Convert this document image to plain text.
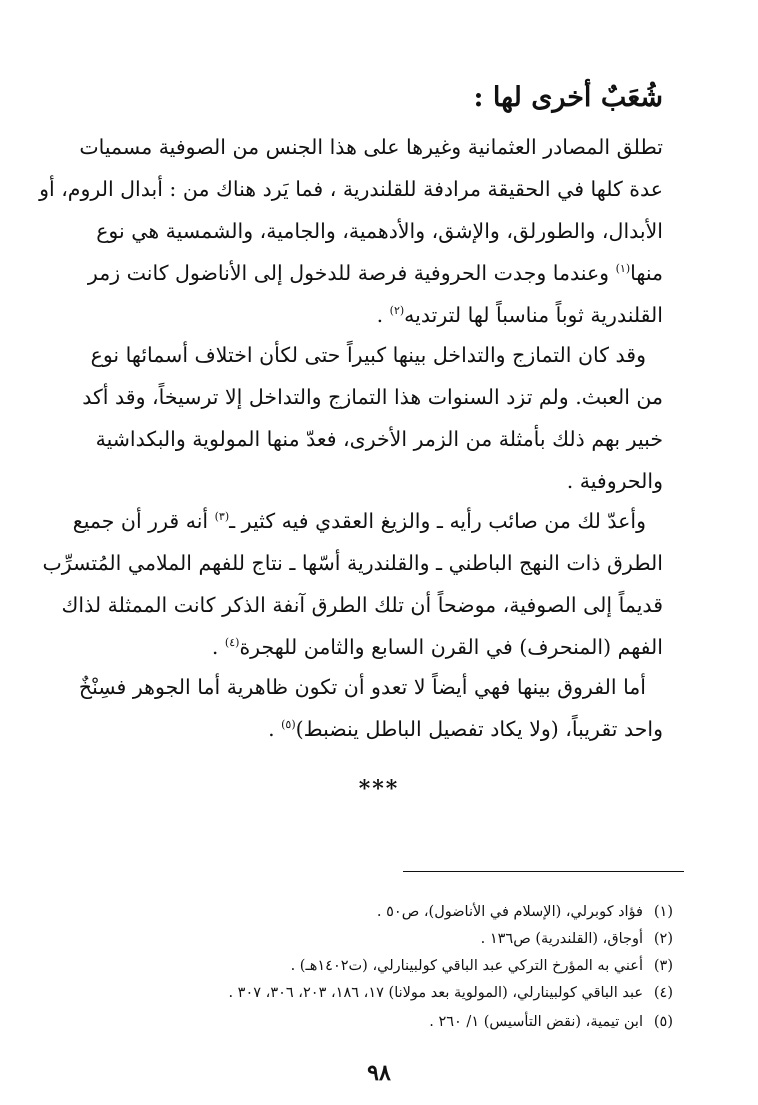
شُعَبٌ أخرى لها :
تطلق المصادر العثمانية وغيرها على هذا الجنس من الصوفية مسميات
عدة كلها في الحقيقة مرادفة للقلندرية ، فما يَرد هناك من : أبدال الروم، أو
الأبدال، والطورلق، والإشق، والأدهمية، والجامية، والشمسية هي نوع
منها$^{(١)}$ وعندما وجدت الحروفية فرصة للدخول إلى الأناضول كانت زمر
القلندرية ثوباً مناسباً لها لترتديه$^{(٢)}$ .
وقد كان التمازج والتداخل بينها كبيراً حتى لكأن اختلاف أسمائها نوع
من العبث. ولم تزد السنوات هذا التمازج والتداخل إلا ترسيخاً، وقد أكد
خبير بهم ذلك بأمثلة من الزمر الأخرى، فعدّ منها المولوية والبكداشية
والحروفية .
وأعدّ لك من صائب رأيه ـ والزيغ العقدي فيه كثير ـ$^{(٣)}$ أنه قرر أن جميع
الطرق ذات النهج الباطني ـ والقلندرية أسّها ـ نتاج للفهم الملامي المُتسرِّب
قديماً إلى الصوفية، موضحاً أن تلك الطرق آنفة الذكر كانت الممثلة لذاك
الفهم (المنحرف) في القرن السابع والثامن للهجرة$^{(٤)}$ .
أما الفروق بينها فهي أيضاً لا تعدو أن تكون ظاهرية أما الجوهر فسِنْخٌ
واحد تقريباً، (ولا يكاد تفصيل الباطل ينضبط)$^{(٥)}$ .
***
(١)فؤاد كوبرلي، (الإسلام في الأناضول)، ص٥٠ .
(٢)أوجاق، (القلندرية) ص١٣٦ .
(٣)أعني به المؤرخ التركي عبد الباقي كولبينارلي، (ت١٤٠٢هـ) .
(٤)عبد الباقي كولبينارلي، (المولوية بعد مولانا) ١٧، ١٨٦، ٢٠٣، ٣٠٦، ٣٠٧ .
(٥)ابن تيمية، (نقض التأسيس) ١/ ٢٦٠ .
٩٨
